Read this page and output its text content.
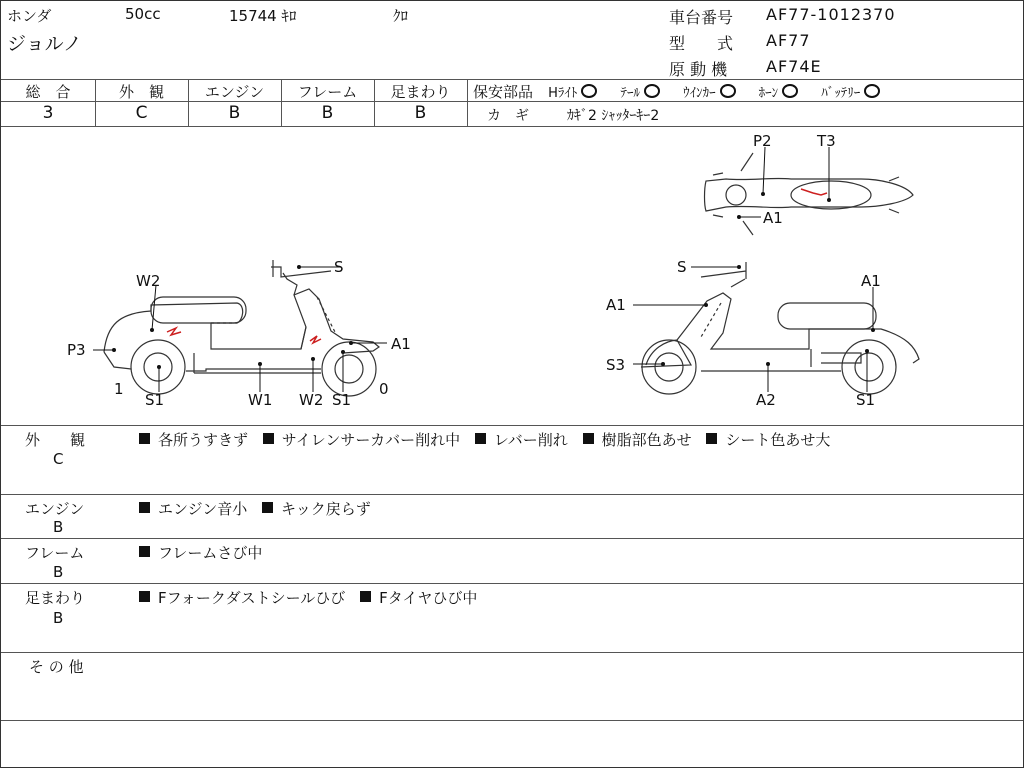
ホンダ	50cc	15744 ｷﾛ	ｸﾛ
ジョルノ
車台番号 AF77-1012370
型　　式 AF77
原 動 機 AF74E
総　合	外　観	エンジン	フレーム	足まわり
3	C	B	B	B
保安部品 Hﾗｲﾄ	ﾃｰﾙ	ｳｲﾝｶｰ	ﾎｰﾝ	ﾊﾞｯﾃﾘｰ
カ　ギ	ｶｷﾞ2 ｼｬｯﾀｰｷｰ2
W2
S
P3	A1
1	0
S1	W1 W2 S1
S
A1
A1
S3
A2	S1
P2	T3
A1
外　　観
C
各所うすきず サイレンサーカバー削れ中 レバー削れ 樹脂部色あせ シート色あせ大
エンジン
B
エンジン音小 キック戻らず
フレーム
B
フレームさび中
足まわり
B
Fフォークダストシールひび Fタイヤひび中
そ の 他
